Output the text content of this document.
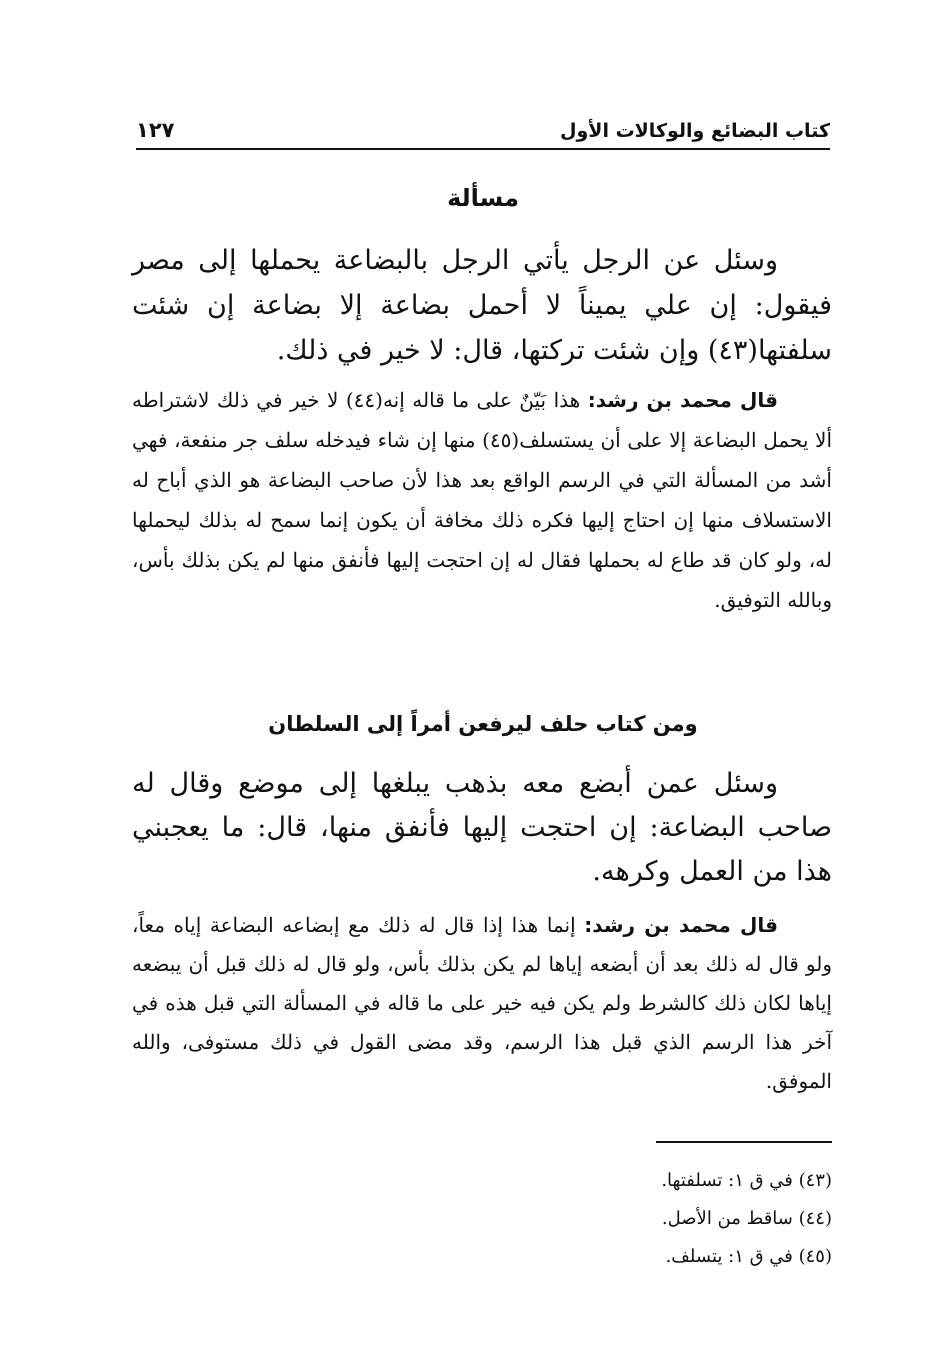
كتاب البضائع والوكالات الأول
١٢٧
مسألة
وسئل عن الرجل يأتي الرجل بالبضاعة يحملها إلى مصر فيقول: إن علي يميناً لا أحمل بضاعة إلا بضاعة إن شئت سلفتها(٤٣) وإن شئت تركتها، قال: لا خير في ذلك.
قال محمد بن رشد: هذا بَيّنٌ على ما قاله إنه(٤٤) لا خير في ذلك لاشتراطه ألا يحمل البضاعة إلا على أن يستسلف(٤٥) منها إن شاء فيدخله سلف جر منفعة، فهي أشد من المسألة التي في الرسم الواقع بعد هذا لأن صاحب البضاعة هو الذي أباح له الاستسلاف منها إن احتاج إليها فكره ذلك مخافة أن يكون إنما سمح له بذلك ليحملها له، ولو كان قد طاع له بحملها فقال له إن احتجت إليها فأنفق منها لم يكن بذلك بأس، وبالله التوفيق.
ومن كتاب حلف ليرفعن أمراً إلى السلطان
وسئل عمن أبضع معه بذهب يبلغها إلى موضع وقال له صاحب البضاعة: إن احتجت إليها فأنفق منها، قال: ما يعجبني هذا من العمل وكرهه.
قال محمد بن رشد: إنما هذا إذا قال له ذلك مع إبضاعه البضاعة إياه معاً، ولو قال له ذلك بعد أن أبضعه إياها لم يكن بذلك بأس، ولو قال له ذلك قبل أن يبضعه إياها لكان ذلك كالشرط ولم يكن فيه خير على ما قاله في المسألة التي قبل هذه في آخر هذا الرسم الذي قبل هذا الرسم، وقد مضى القول في ذلك مستوفى، والله الموفق.
(٤٣) في ق ١: تسلفتها.
(٤٤) ساقط من الأصل.
(٤٥) في ق ١: يتسلف.
